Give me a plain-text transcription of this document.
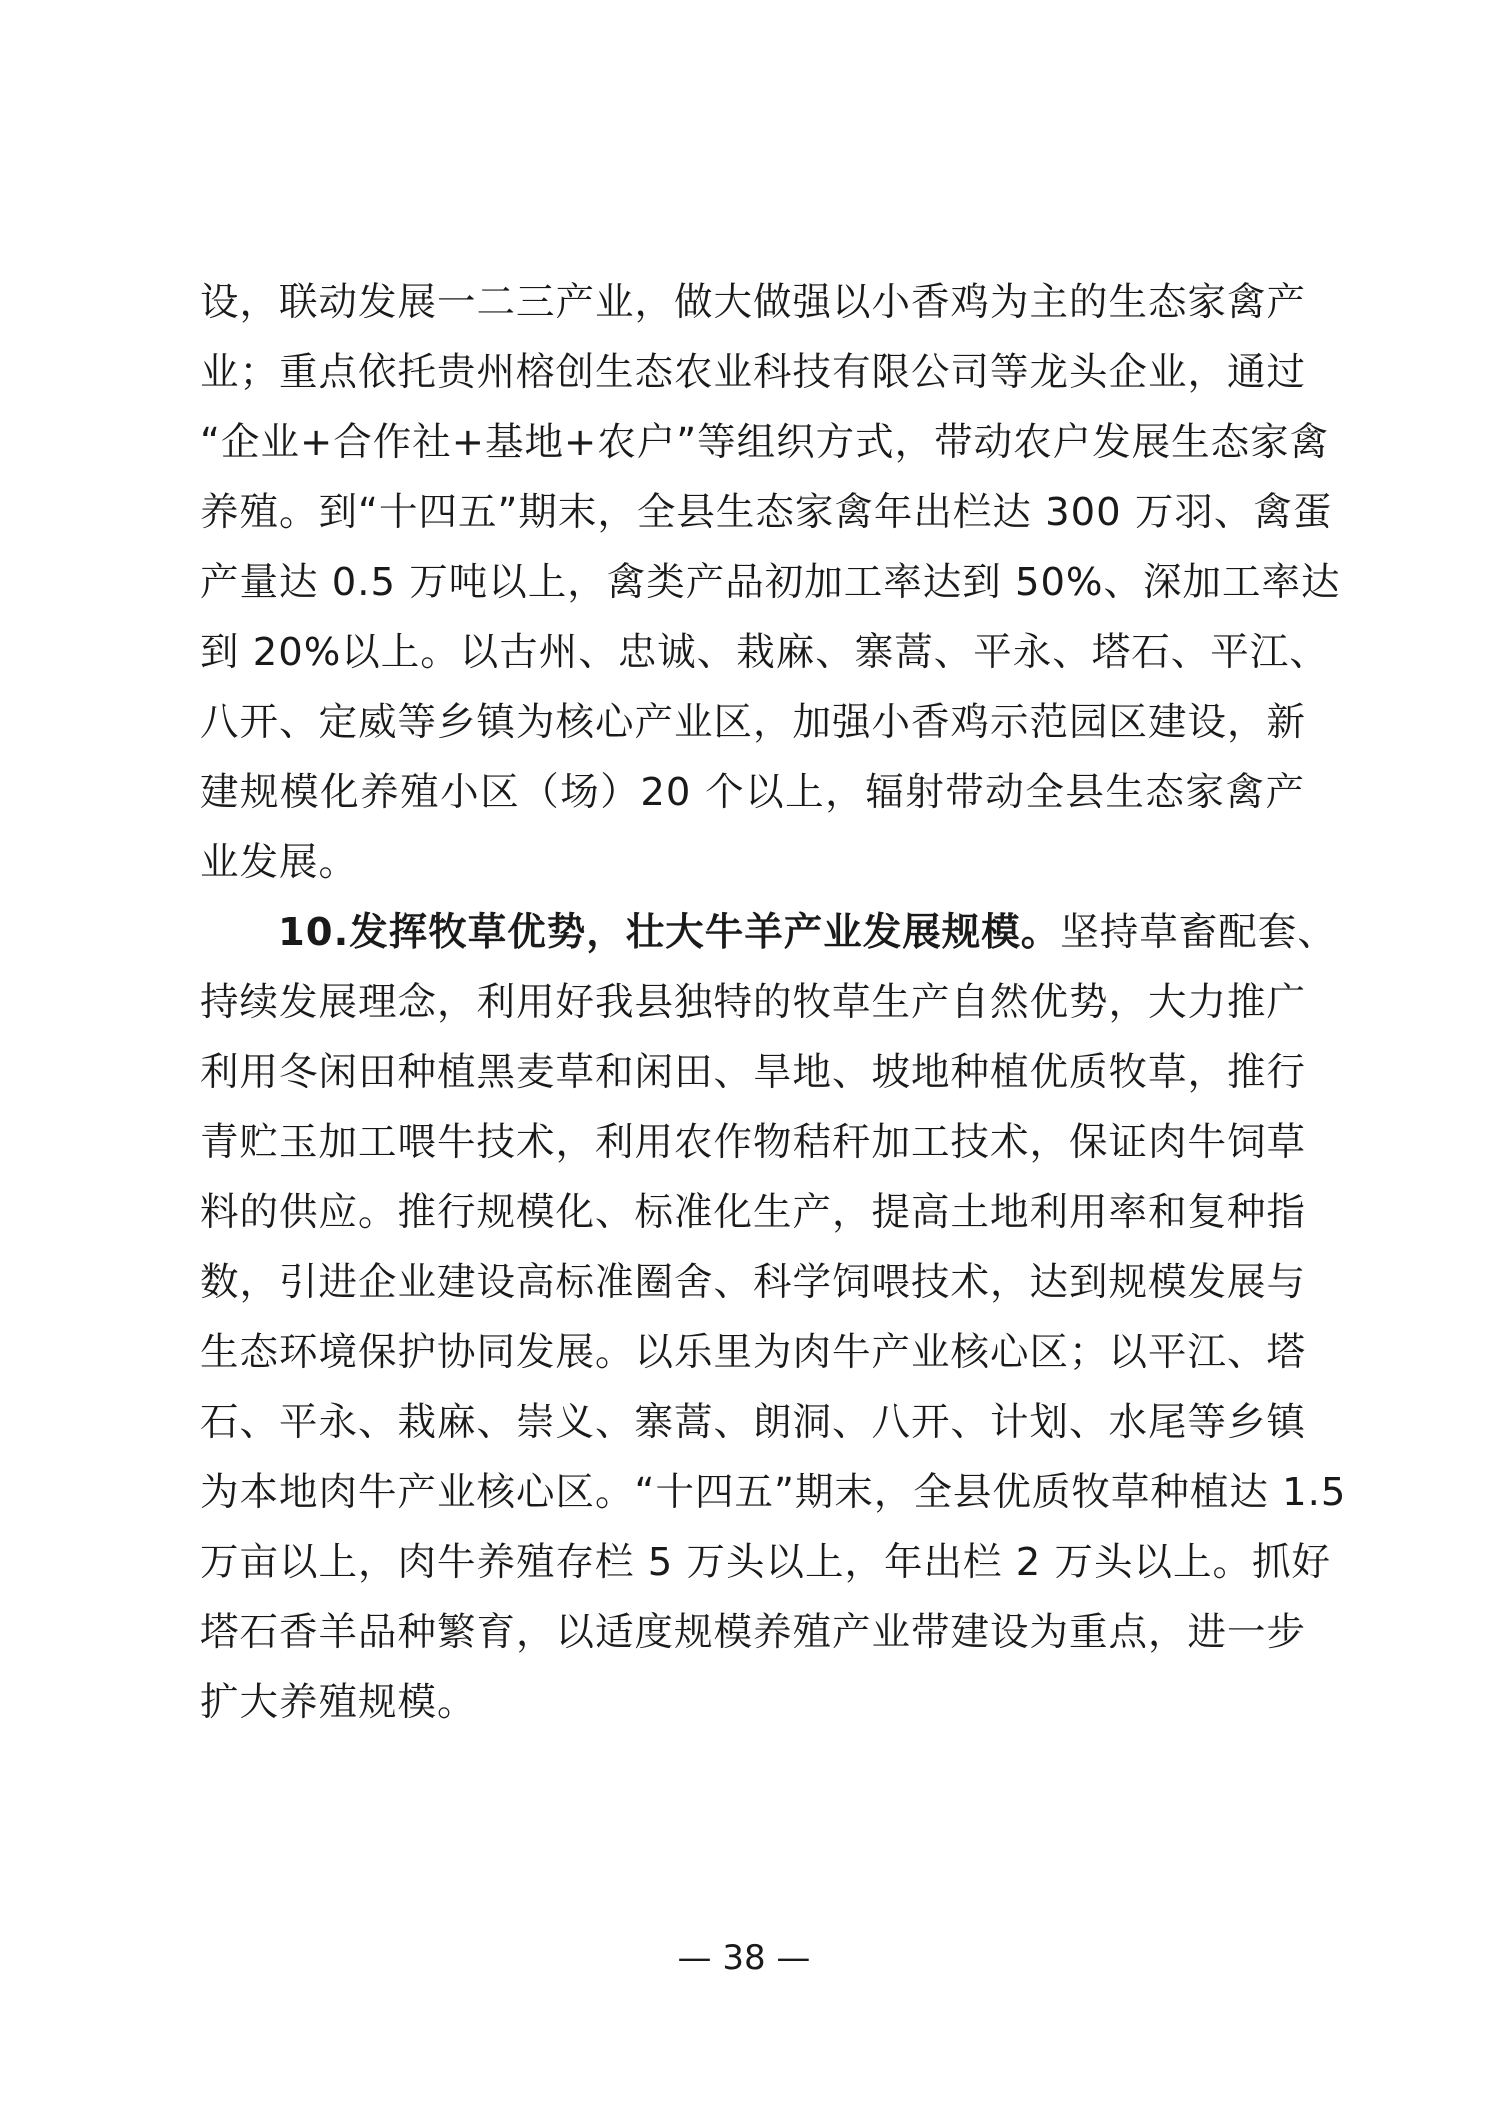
设，联动发展一二三产业，做大做强以小香鸡为主的生态家禽产
业；重点依托贵州榕创生态农业科技有限公司等龙头企业，通过
“企业+合作社+基地+农户”等组织方式，带动农户发展生态家禽
养殖。到“十四五”期末，全县生态家禽年出栏达 300 万羽、禽蛋
产量达 0.5 万吨以上，禽类产品初加工率达到 50%、深加工率达
到 20%以上。以古州、忠诚、栽麻、寨蒿、平永、塔石、平江、
八开、定威等乡镇为核心产业区，加强小香鸡示范园区建设，新
建规模化养殖小区（场）20 个以上，辐射带动全县生态家禽产
业发展。
10.发挥牧草优势，壮大牛羊产业发展规模。坚持草畜配套、
持续发展理念，利用好我县独特的牧草生产自然优势，大力推广
利用冬闲田种植黑麦草和闲田、旱地、坡地种植优质牧草，推行
青贮玉加工喂牛技术，利用农作物秸秆加工技术，保证肉牛饲草
料的供应。推行规模化、标准化生产，提高土地利用率和复种指
数，引进企业建设高标准圈舍、科学饲喂技术，达到规模发展与
生态环境保护协同发展。以乐里为肉牛产业核心区；以平江、塔
石、平永、栽麻、崇义、寨蒿、朗洞、八开、计划、水尾等乡镇
为本地肉牛产业核心区。“十四五”期末，全县优质牧草种植达 1.5
万亩以上，肉牛养殖存栏 5 万头以上，年出栏 2 万头以上。抓好
塔石香羊品种繁育，以适度规模养殖产业带建设为重点，进一步
扩大养殖规模。
— 38 —
